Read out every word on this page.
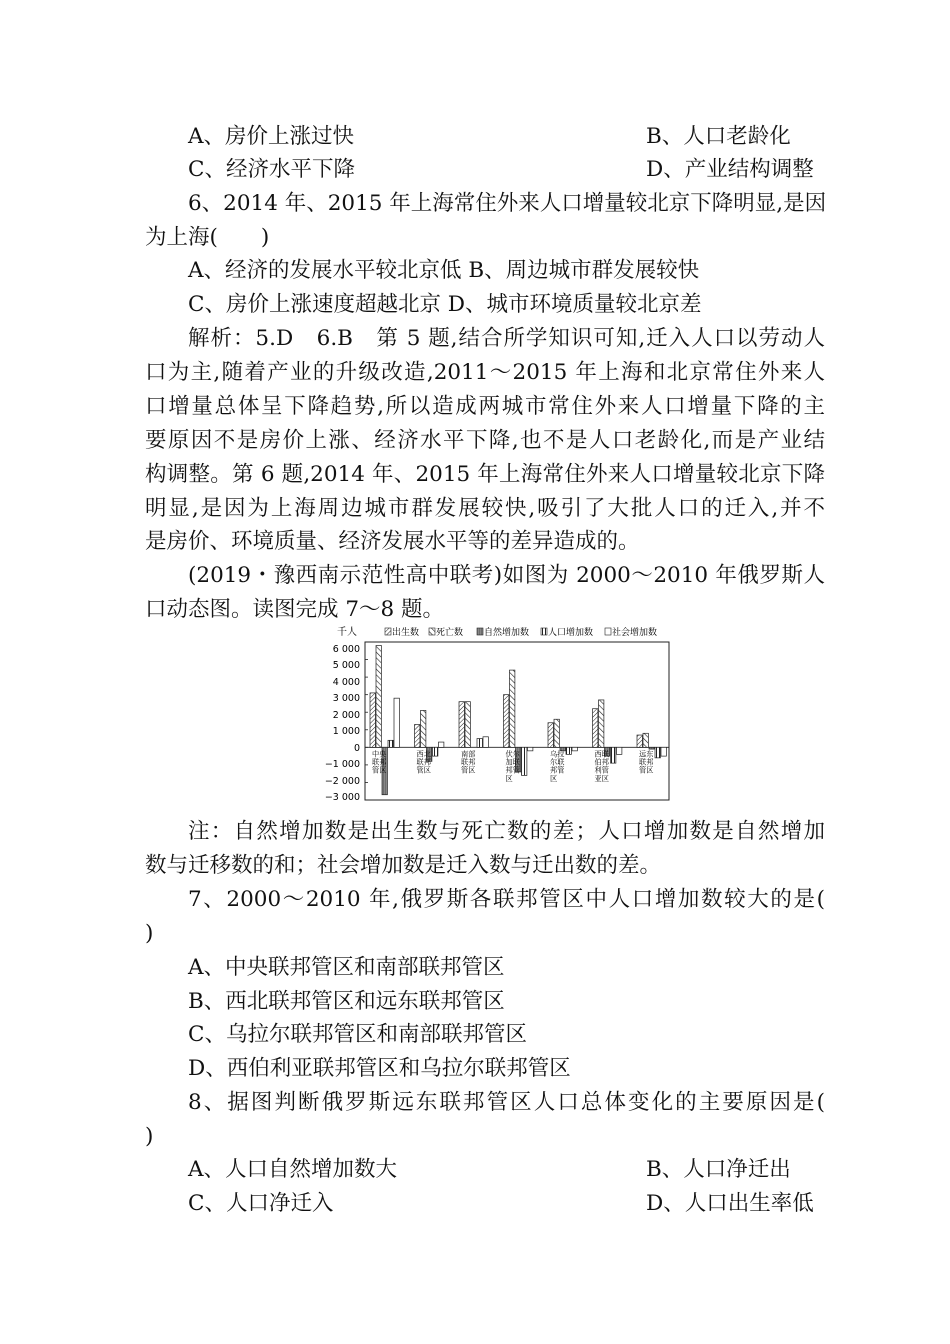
A、房价上涨过快	B、人口老龄化
C、经济水平下降	D、产业结构调整
6、2014 年、2015 年上海常住外来人口增量较北京下降明显,是因
为上海(　　)
A、经济的发展水平较北京低 B、周边城市群发展较快
C、房价上涨速度超越北京 D、城市环境质量较北京差
解析：5.D　6.B　第 5 题,结合所学知识可知,迁入人口以劳动人
口为主,随着产业的升级改造,2011～2015 年上海和北京常住外来人
口增量总体呈下降趋势,所以造成两城市常住外来人口增量下降的主
要原因不是房价上涨、经济水平下降,也不是人口老龄化,而是产业结
构调整。第 6 题,2014 年、2015 年上海常住外来人口增量较北京下降
明显,是因为上海周边城市群发展较快,吸引了大批人口的迁入,并不
是房价、环境质量、经济发展水平等的差异造成的。
(2019・豫西南示范性高中联考)如图为 2000～2010 年俄罗斯人
口动态图。读图完成 7～8 题。
千人	出生数 死亡数 自然增加数 人口增加数 社会增加数
6 000
5 000
4 000
3 000
2 000
1 000
0
−1 000
−2 000
−3 000
中央
联邦
管区
西北
联邦
管区
南部
联邦
管区
伏尔
加联
邦管
区
乌拉
尔联
邦管
区
西联
伯邦
利管
亚区
远东
联邦
管区
注：自然增加数是出生数与死亡数的差；人口增加数是自然增加
数与迁移数的和；社会增加数是迁入数与迁出数的差。
7、2000～2010 年,俄罗斯各联邦管区中人口增加数较大的是(
)
A、中央联邦管区和南部联邦管区
B、西北联邦管区和远东联邦管区
C、乌拉尔联邦管区和南部联邦管区
D、西伯利亚联邦管区和乌拉尔联邦管区
8、据图判断俄罗斯远东联邦管区人口总体变化的主要原因是(
)
A、人口自然增加数大	B、人口净迁出
C、人口净迁入	D、人口出生率低
